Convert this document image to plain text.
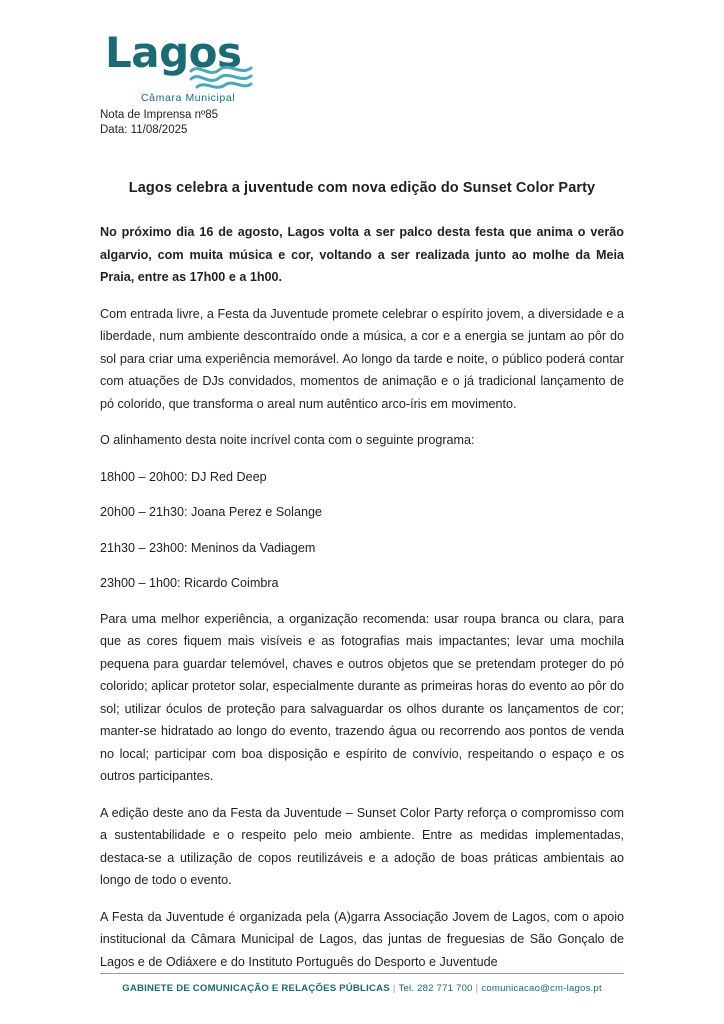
Lagos
Câmara Municipal
Nota de Imprensa nº85
Data: 11/08/2025
Lagos celebra a juventude com nova edição do Sunset Color Party

No próximo dia 16 de agosto, Lagos volta a ser palco desta festa que anima o verão algarvio, com muita música e cor, voltando a ser realizada junto ao molhe da Meia Praia, entre as 17h00 e a 1h00.

Com entrada livre, a Festa da Juventude promete celebrar o espírito jovem, a diversidade e a liberdade, num ambiente descontraído onde a música, a cor e a energia se juntam ao pôr do sol para criar uma experiência memorável. Ao longo da tarde e noite, o público poderá contar com atuações de DJs convidados, momentos de animação e o já tradicional lançamento de pó colorido, que transforma o areal num autêntico arco-íris em movimento.

O alinhamento desta noite incrível conta com o seguinte programa:

18h00 – 20h00: DJ Red Deep

20h00 – 21h30: Joana Perez e Solange

21h30 – 23h00: Meninos da Vadiagem

23h00 – 1h00: Ricardo Coimbra

Para uma melhor experiência, a organização recomenda: usar roupa branca ou clara, para que as cores fiquem mais visíveis e as fotografias mais impactantes; levar uma mochila pequena para guardar telemóvel, chaves e outros objetos que se pretendam proteger do pó colorido; aplicar protetor solar, especialmente durante as primeiras horas do evento ao pôr do sol; utilizar óculos de proteção para salvaguardar os olhos durante os lançamentos de cor; manter-se hidratado ao longo do evento, trazendo água ou recorrendo aos pontos de venda no local; participar com boa disposição e espírito de convívio, respeitando o espaço e os outros participantes.

A edição deste ano da Festa da Juventude – Sunset Color Party reforça o compromisso com a sustentabilidade e o respeito pelo meio ambiente. Entre as medidas implementadas, destaca-se a utilização de copos reutilizáveis e a adoção de boas práticas ambientais ao longo de todo o evento.

A Festa da Juventude é organizada pela (A)garra Associação Jovem de Lagos, com o apoio institucional da Câmara Municipal de Lagos, das juntas de freguesias de São Gonçalo de Lagos e de Odiáxere e do Instituto Português do Desporto e Juventude

GABINETE DE COMUNICAÇÃO E RELAÇÕES PÚBLICAS | Tel. 282 771 700 | comunicacao@cm-lagos.pt
